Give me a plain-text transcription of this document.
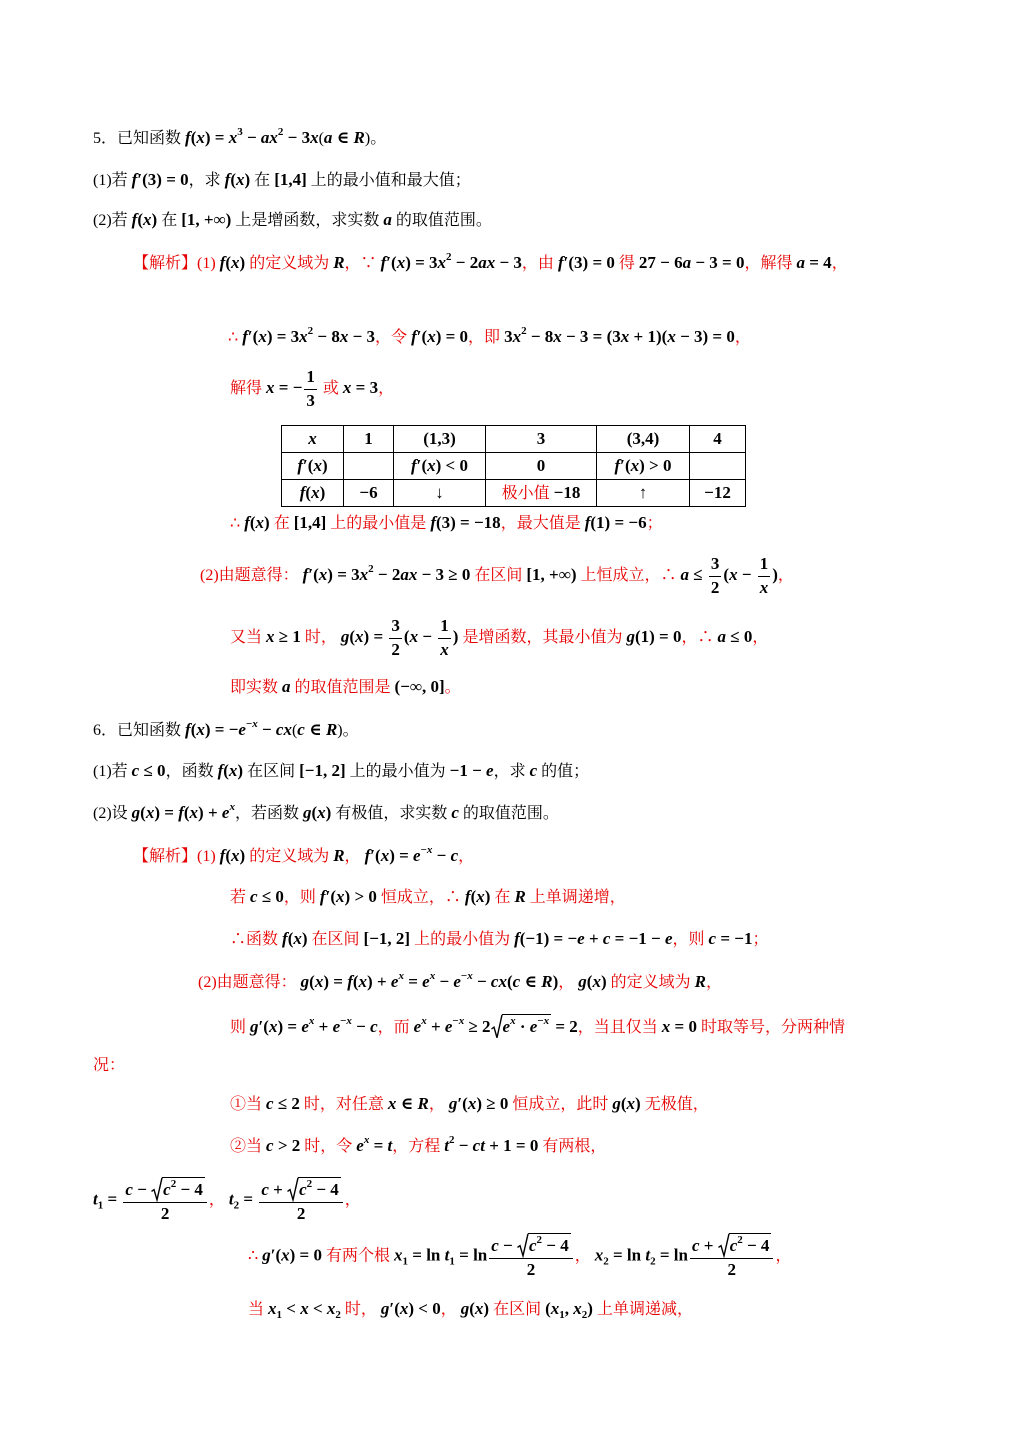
5．已知函数 $f(x) = x^3 - ax^2 - 3x(a$ ∈ R)。
(1)若 f′(3) = 0，求 f(x) 在 [1,4] 上的最小值和最大值；
(2)若 f(x) 在 [1, +∞) 上是增函数，求实数 a 的取值范围。
【解析】(1) f(x) 的定义域为 R，∵ $f'(x) = 3x^2 - 2ax - 3$，由 f′(3) = 0 得 27 − 6a − 3 = 0，解得 a = 4，
∴ $f'(x) = 3x^2 - 8x - 3$，令 f′(x) = 0，即 $3x^2 - 8x - 3 = (3x + 1)(x - 3) = 0$，
解得 x = − $\frac{1}{3}$ 或 x = 3，
x	1	(1,3)	3	(3,4)	4
f′(x)		f′(x) < 0	0	f′(x) > 0	
f(x)	−6	↓	极小值 −18	↑	−12
∴ f(x) 在 [1,4] 上的最小值是 f(3) = −18，最大值是 f(1) = −6；
(2)由题意得： $f'(x) = 3x^2 - 2ax - 3 \ge 0$ 在区间 [1, +∞) 上恒成立，∴ $a \le \frac{3}{2} (x - \frac{1}{x}$ )，
又当 x ≥ 1 时， $g(x) = \frac{3}{2} (x - \frac{1}{x}$ ) 是增函数，其最小值为 g(1) = 0，∴ a ≤ 0，
即实数 a 的取值范围是 (−∞, 0]。
6．已知函数 $f(x) = -e^{-x} - cx(c$ ∈ R)。
(1)若 c ≤ 0，函数 f(x) 在区间 [−1, 2] 上的最小值为 −1 − e，求 c 的值；
(2)设 $g(x) = f(x) + e^x$，若函数 g(x) 有极值，求实数 c 的取值范围。
【解析】(1) f(x) 的定义域为 R， $f'(x) = e^{-x} - c$，
若 c ≤ 0，则 f′(x) > 0 恒成立，∴ f(x) 在 R 上单调递增，
∴函数 f(x) 在区间 [−1, 2] 上的最小值为 f(−1) = −e + c = −1 − e，则 c = −1；
(2)由题意得： $g(x) = f(x) + e^x = e^x - e^{-x} - cx(c$ ∈ R)， g(x) 的定义域为 R，
则 $g'(x) = e^x + e^{-x} - c$，而 $e^x + e^{-x} \ge 2$ $e^x \cdot e^{-x} = 2$，当且仅当 x = 0 时取等号，分两种情
况：
①当 c ≤ 2 时，对任意 x ∈ R， g′(x) ≥ 0 恒成立，此时 g(x) 无极值，
②当 c > 2 时，令 $e^x = t$，方程 $t^2$ − ct + 1 = 0 有两根，
$t_1 = c$ −
$c^2 - 4$
2 ， $t_2 = c$ +
$c^2 - 4$
2 ，
∴ g′(x) = 0 有两个根 $x_1 = \ln t_1 = \ln c$ −
$c^2 - 4$
2 ， $x_2 = \ln t_2 = \ln c$ +
$c^2 - 4$
2 ，
当 $x_1 < x < x_2$ 时， g′(x) < 0， g(x) 在区间 ($x_1$, $x_2$) 上单调递减，
